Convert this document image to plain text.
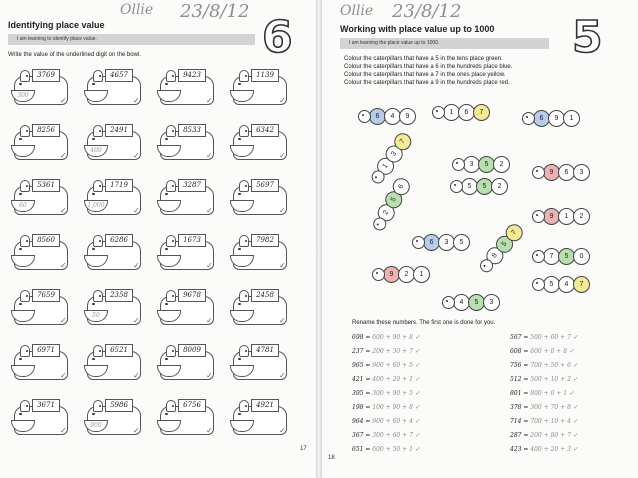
Ollie 23/8/12
Identifying place value
I am learning to identify place value.	6
Write the value of the underlined digit on the bowl.
3769
300
✓
4657
✓
9423
✓
1139
✓
8256
✓
2491
400
✓
8533
✓
6342
✓
5361
60
✓
1719
1,000
✓
3287
✓
5697
✓
8560
✓
6286
✓
1673
✓
7982
✓
7659
✓
2358
50
✓
9678
✓
2458
✓
6971
✓
6521
✓
8009
✓
4781
✓
3671
✓
5986
900
✓
6756
✓
4921
✓
17
Ollie 23/8/12
Working with place value up to 1000
I am learning the place value up to 1000.	5
Colour the caterpillars that have a 5 in the tens place green.
Colour the caterpillars that have a 6 in the hundreds place blue.
Colour the caterpillars that have a 7 in the ones place yellow.
Colour the caterpillars that have a 9 in the hundreds place red.
6	4	9
1	6	7
6	9	1
1
3
7
3	5	2
9	6	3
2
5
6	5	5	2
9	1	2
6	3	5
8
5
7
7	5	0
9	2	1
5	4	7
4	5	3
Rename these numbers. The first one is done for you.
698 = 600 + 90 + 8 ✓
237 = 200 + 30 + 7 ✓
965 = 900 + 60 + 5 ✓
421 = 400 + 20 + 1 ✓
395 = 300 + 90 + 5 ✓
198 = 100 + 90 + 8 ✓
964 = 900 + 60 + 4 ✓
367 = 300 + 60 + 7 ✓
651 = 600 + 50 + 1 ✓
567 = 500 + 60 + 7 ✓
608 = 600 + 0 + 8 ✓
756 = 700 + 50 + 6 ✓
512 = 500 + 10 + 2 ✓
801 = 800 + 0 + 1 ✓
378 = 300 + 70 + 8 ✓
714 = 700 + 10 + 4 ✓
287 = 200 + 80 + 7 ✓
423 = 400 + 20 + 3 ✓
18
